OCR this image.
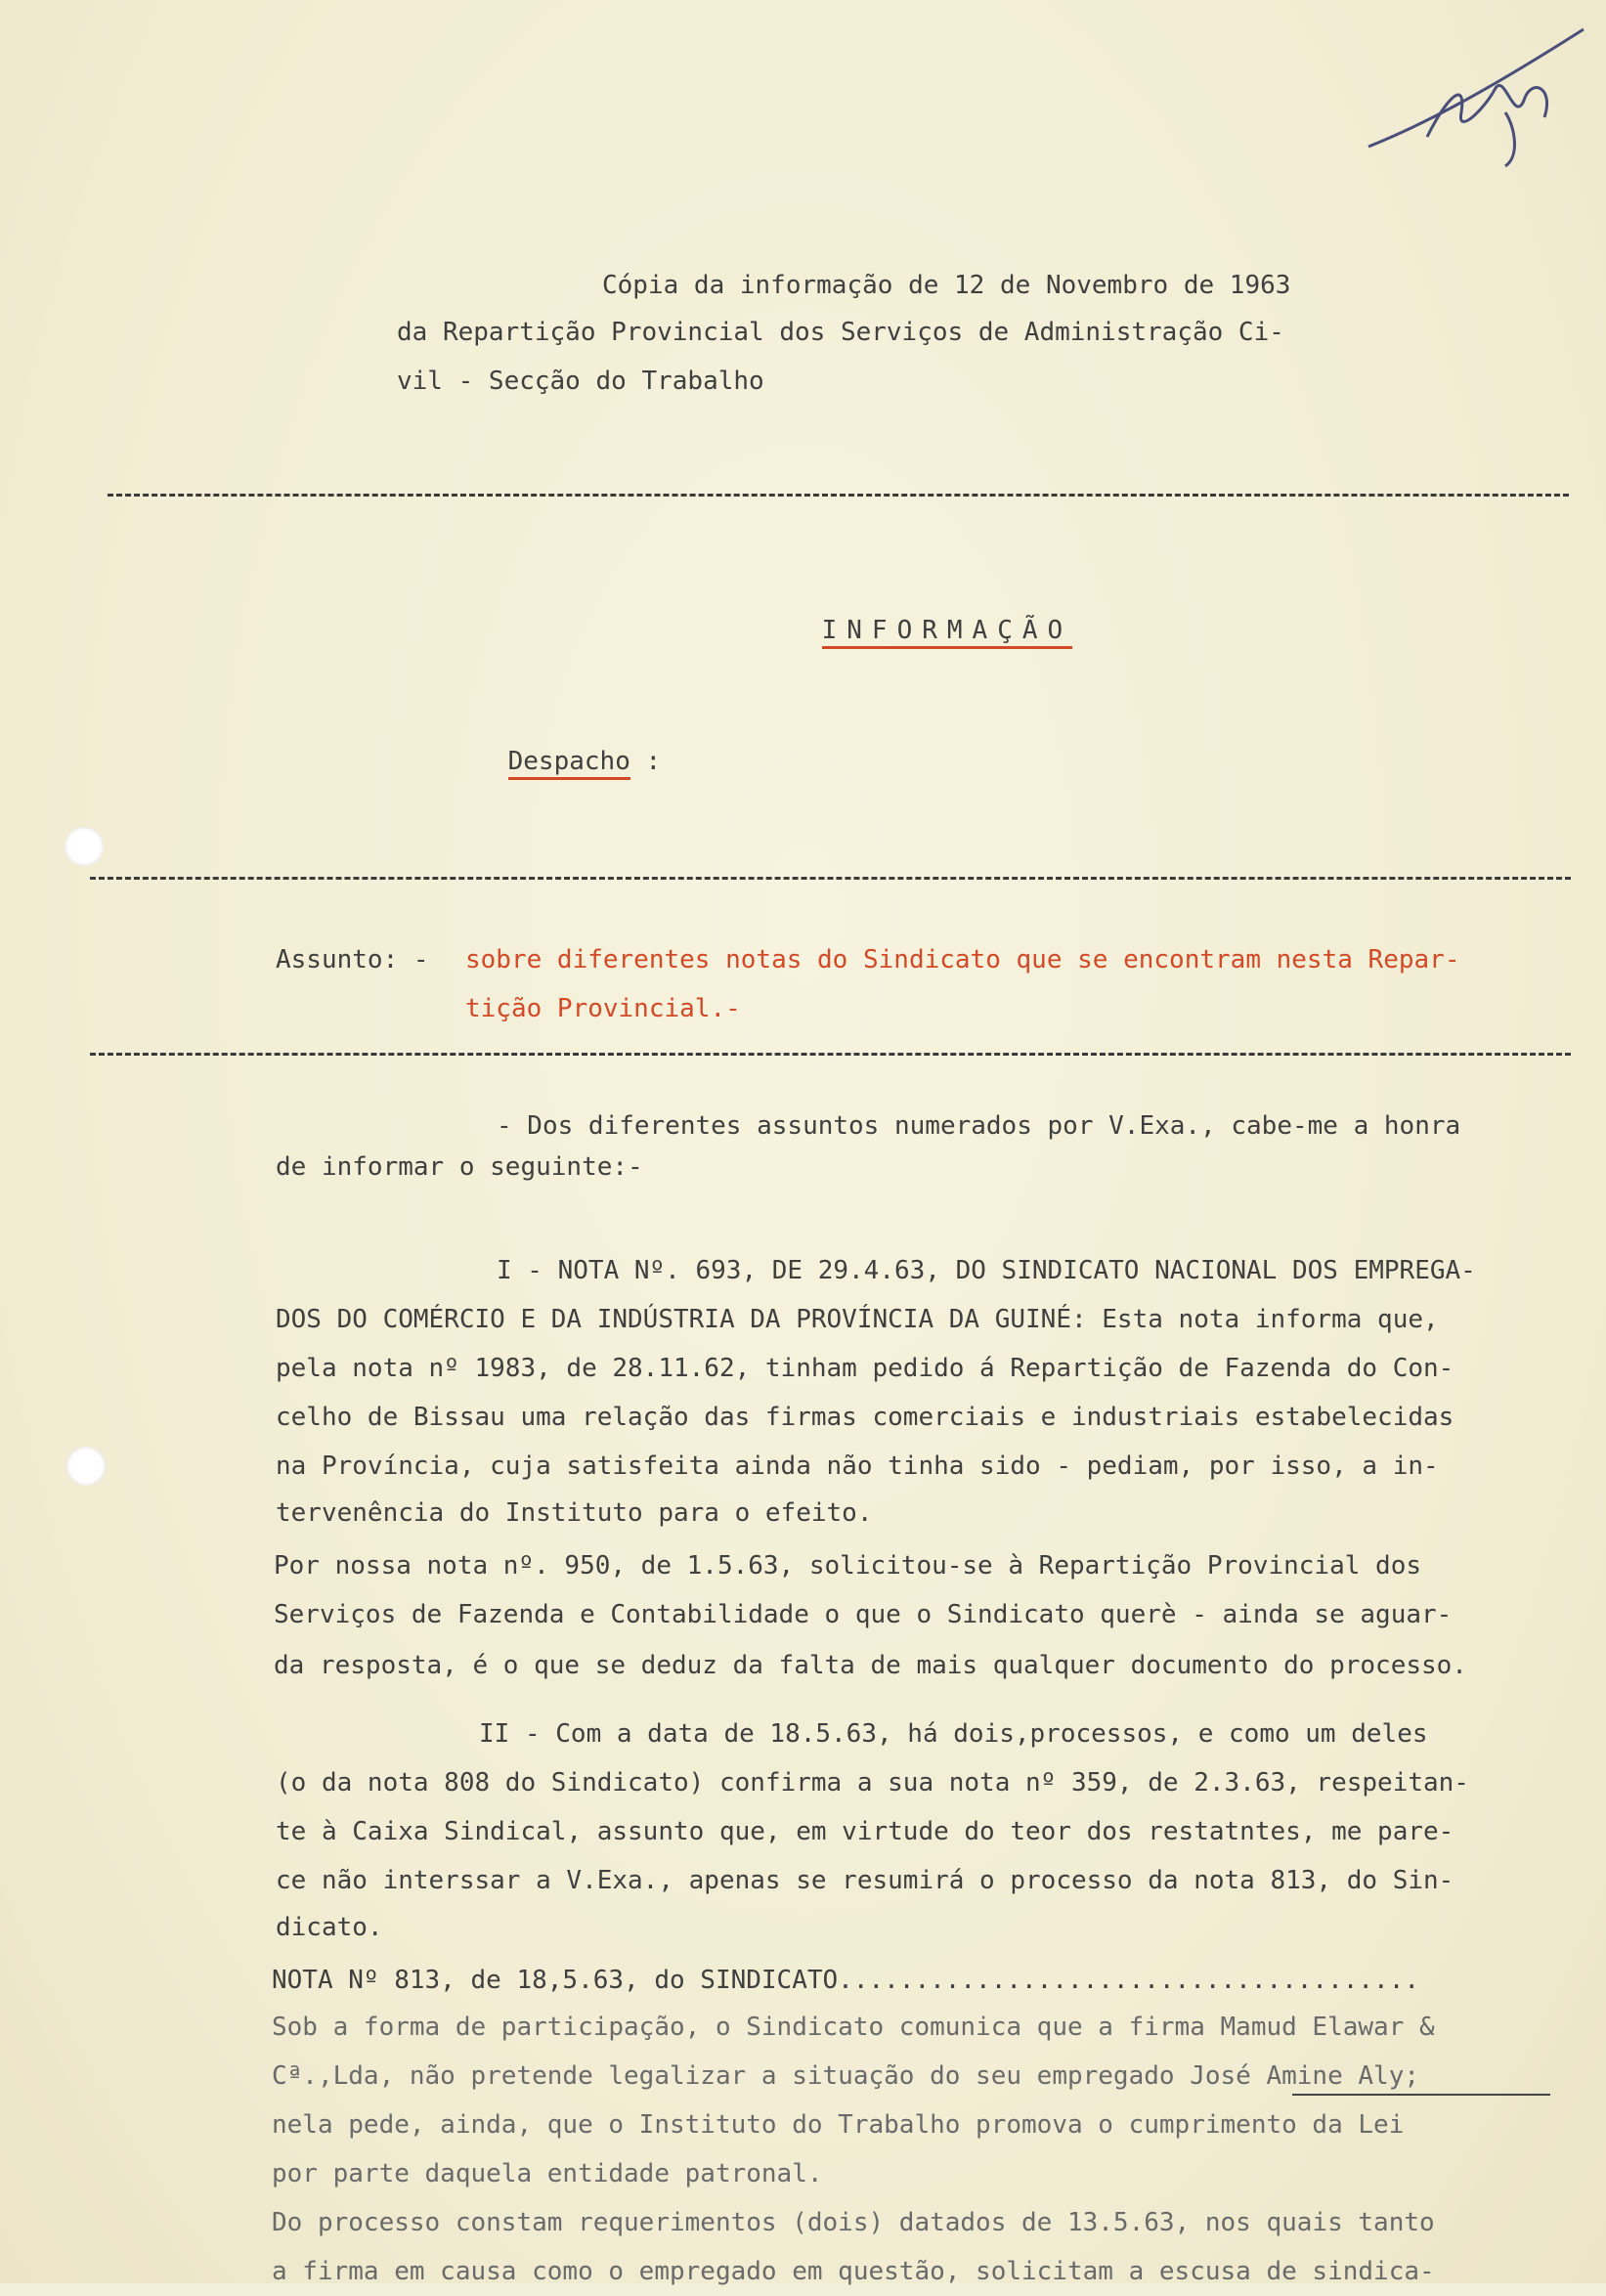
Cópia da informação de 12 de Novembro de 1963
da Repartição Provincial dos Serviços de Administração Ci-
vil - Secção do Trabalho

INFORMAÇÃO

Despacho :

Assunto: - sobre diferentes notas do Sindicato que se encontram nesta Repar-
tição Provincial.-
- Dos diferentes assuntos numerados por V.Exa., cabe-me a honra
de informar o seguinte:-
I - NOTA Nº. 693, DE 29.4.63, DO SINDICATO NACIONAL DOS EMPREGA-
DOS DO COMÉRCIO E DA INDÚSTRIA DA PROVÍNCIA DA GUINÉ: Esta nota informa que,
pela nota nº 1983, de 28.11.62, tinham pedido á Repartição de Fazenda do Con-
celho de Bissau uma relação das firmas comerciais e industriais estabelecidas
na Província, cuja satisfeita ainda não tinha sido - pediam, por isso, a in-
tervenência do Instituto para o efeito.
Por nossa nota nº. 950, de 1.5.63, solicitou-se à Repartição Provincial dos
Serviços de Fazenda e Contabilidade o que o Sindicato querè - ainda se aguar-
da resposta, é o que se deduz da falta de mais qualquer documento do processo.
II - Com a data de 18.5.63, há dois,processos, e como um deles
(o da nota 808 do Sindicato) confirma a sua nota nº 359, de 2.3.63, respeitan-
te à Caixa Sindical, assunto que, em virtude do teor dos restatntes, me pare-
ce não interssar a V.Exa., apenas se resumirá o processo da nota 813, do Sin-
dicato.
NOTA Nº 813, de 18,5.63, do SINDICATO......................................
Sob a forma de participação, o Sindicato comunica que a firma Mamud Elawar &
Cª.,Lda, não pretende legalizar a situação do seu empregado José Amine Aly;
nela pede, ainda, que o Instituto do Trabalho promova o cumprimento da Lei
por parte daquela entidade patronal.
Do processo constam requerimentos (dois) datados de 13.5.63, nos quais tanto
a firma em causa como o empregado em questão, solicitam a escusa de sindica-
